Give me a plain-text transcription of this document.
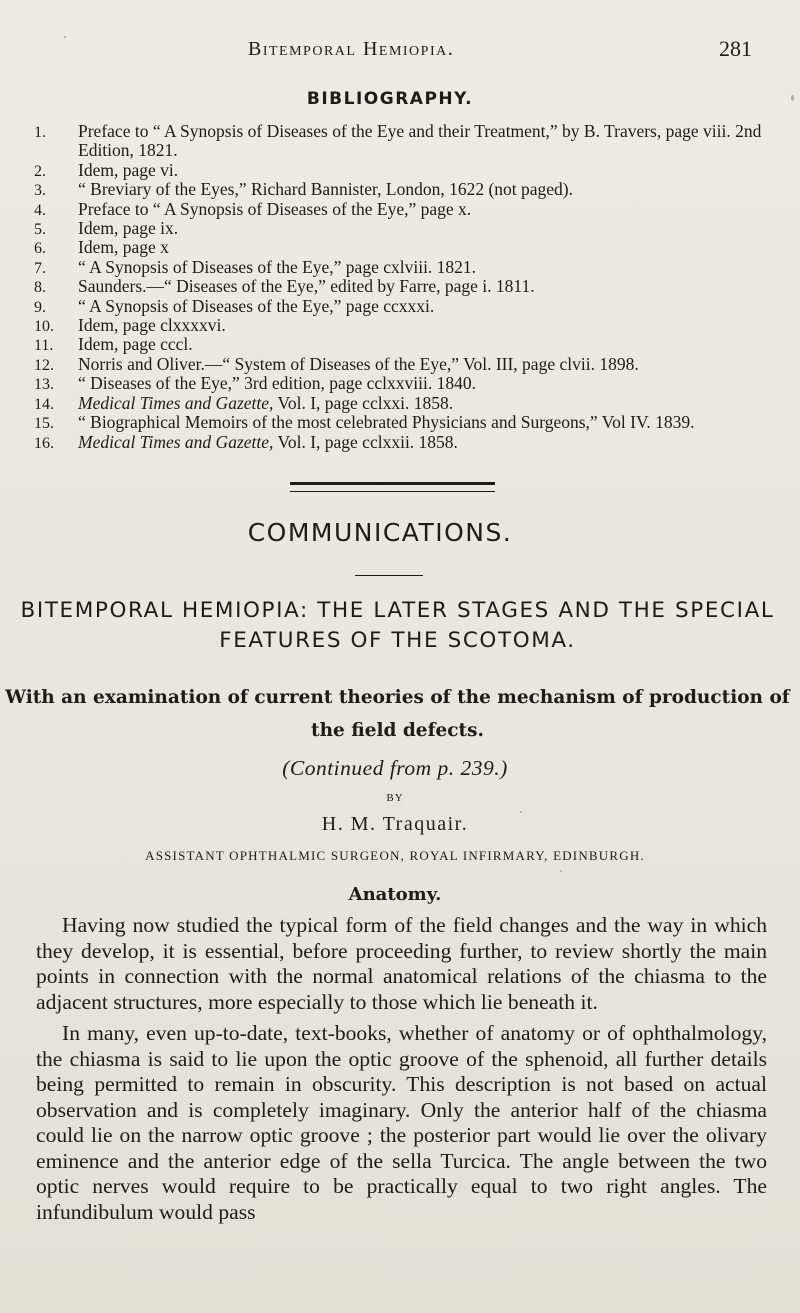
Bitemporal Hemiopia.	281
BIBLIOGRAPHY.
1.	Preface to “ A Synopsis of Diseases of the Eye and their Treatment,” by B. Travers, page viii. 2nd Edition, 1821.
2.	Idem, page vi.
3.	“ Breviary of the Eyes,” Richard Bannister, London, 1622 (not paged).
4.	Preface to “ A Synopsis of Diseases of the Eye,” page x.
5.	Idem, page ix.
6.	Idem, page x
7.	“ A Synopsis of Diseases of the Eye,” page cxlviii. 1821.
8.	Saunders.—“ Diseases of the Eye,” edited by Farre, page i. 1811.
9.	“ A Synopsis of Diseases of the Eye,” page ccxxxi.
10.	Idem, page clxxxxvi.
11.	Idem, page cccl.
12.	Norris and Oliver.—“ System of Diseases of the Eye,” Vol. III, page clvii. 1898.
13.	“ Diseases of the Eye,” 3rd edition, page cclxxviii. 1840.
14.	Medical Times and Gazette, Vol. I, page cclxxi. 1858.
15.	“ Biographical Memoirs of the most celebrated Physicians and Surgeons,” Vol IV. 1839.
16.	Medical Times and Gazette, Vol. I, page cclxxii. 1858.
COMMUNICATIONS.
BITEMPORAL HEMIOPIA: THE LATER STAGES AND THE SPECIAL FEATURES OF THE SCOTOMA.
With an examination of current theories of the mechanism of production of the field defects.
(Continued from p. 239.)
BY
H. M. Traquair.
ASSISTANT OPHTHALMIC SURGEON, ROYAL INFIRMARY, EDINBURGH.
Anatomy.

Having now studied the typical form of the field changes and the way in which they develop, it is essential, before proceeding further, to review shortly the main points in connection with the normal anatomical relations of the chiasma to the adjacent structures, more especially to those which lie beneath it.

In many, even up-to-date, text-books, whether of anatomy or of ophthalmology, the chiasma is said to lie upon the optic groove of the sphenoid, all further details being permitted to remain in obscurity. This description is not based on actual observation and is completely imaginary. Only the anterior half of the chiasma could lie on the narrow optic groove ; the posterior part would lie over the olivary eminence and the anterior edge of the sella Turcica. The angle between the two optic nerves would require to be practically equal to two right angles. The infundibulum would pass
